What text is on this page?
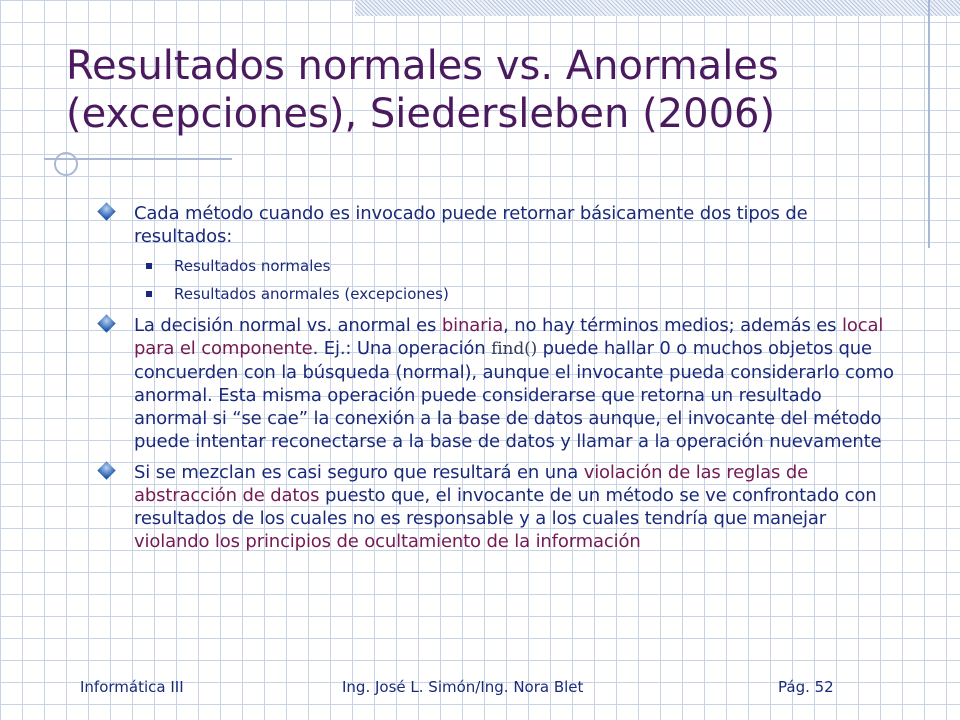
Resultados normales vs. Anormales (excepciones), Siedersleben (2006)
Cada método cuando es invocado puede retornar básicamente dos tipos de resultados:
Resultados normales
Resultados anormales (excepciones)
La decisión normal vs. anormal es binaria, no hay términos medios; además es local para el componente. Ej.: Una operación find() puede hallar 0 o muchos objetos que concuerden con la búsqueda (normal), aunque el invocante pueda considerarlo como anormal. Esta misma operación puede considerarse que retorna un resultado anormal si “se cae” la conexión a la base de datos aunque, el invocante del método puede intentar reconectarse a la base de datos y llamar a la operación nuevamente
Si se mezclan es casi seguro que resultará en una violación de las reglas de abstracción de datos puesto que, el invocante de un método se ve confrontado con resultados de los cuales no es responsable y a los cuales tendría que manejar violando los principios de ocultamiento de la información
Informática III	Ing. José L. Simón/Ing. Nora Blet	Pág. 52
